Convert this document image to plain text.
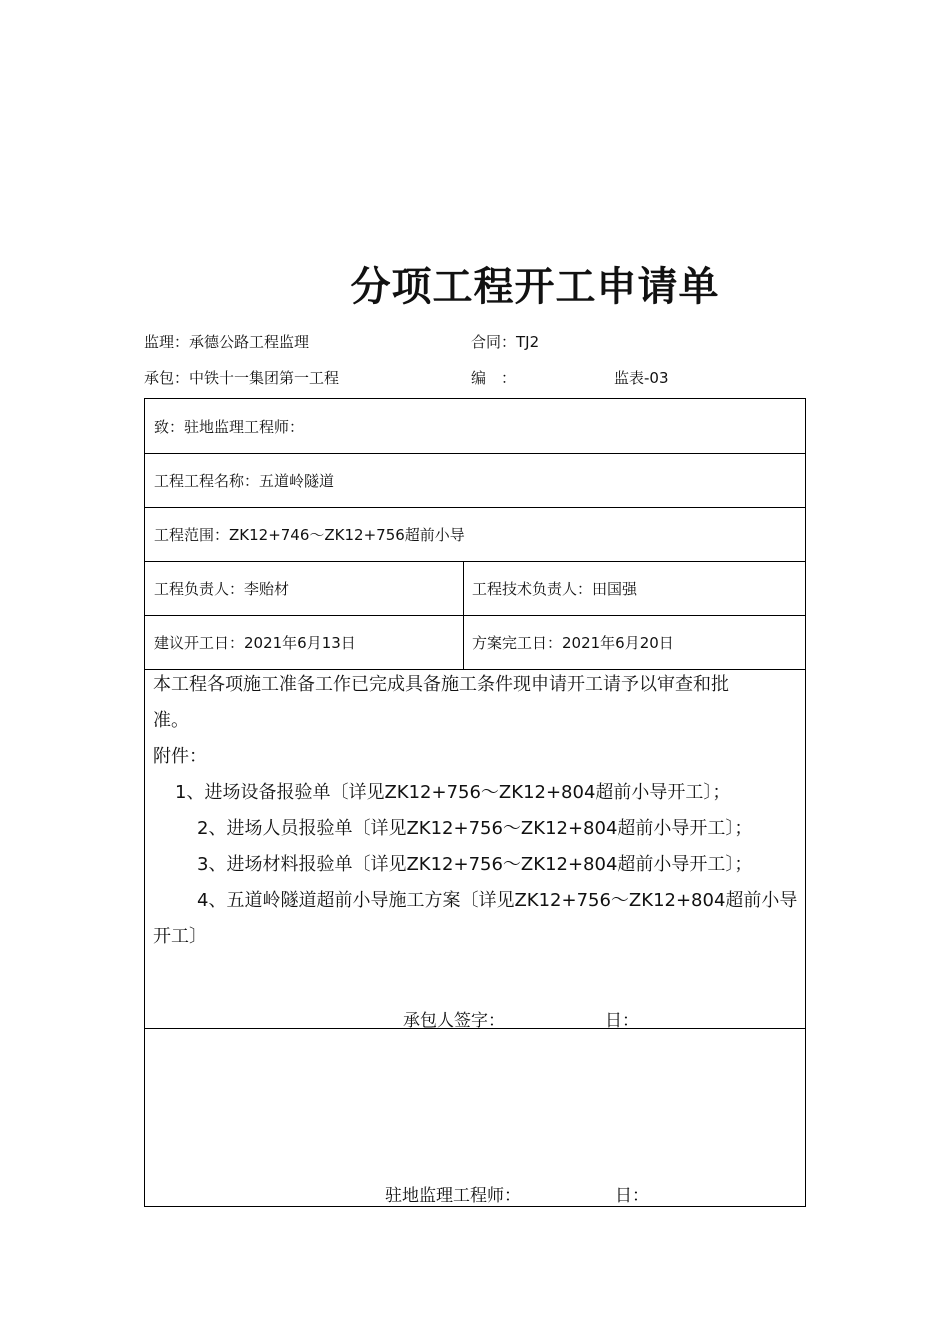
分项工程开工申请单
监理：承德公路工程监理	合同：TJ2
承包：中铁十一集团第一工程	编　：	监表-03
致：驻地监理工程师：
工程工程名称：五道岭隧道
工程范围：ZK12+746～ZK12+756超前小导
工程负责人：李贻材	工程技术负责人：田国强
建议开工日：2021年6月13日	方案完工日：2021年6月20日
本工程各项施工准备工作已完成具备施工条件现申请开工请予以审查和批
准。
附件：
1、进场设备报验单〔详见ZK12+756～ZK12+804超前小导开工〕；
2、进场人员报验单〔详见ZK12+756～ZK12+804超前小导开工〕；
3、进场材料报验单〔详见ZK12+756～ZK12+804超前小导开工〕；
4、五道岭隧道超前小导施工方案〔详见ZK12+756～ZK12+804超前小导
开工〕
承包人签字：	日：
驻地监理工程师：	日：
